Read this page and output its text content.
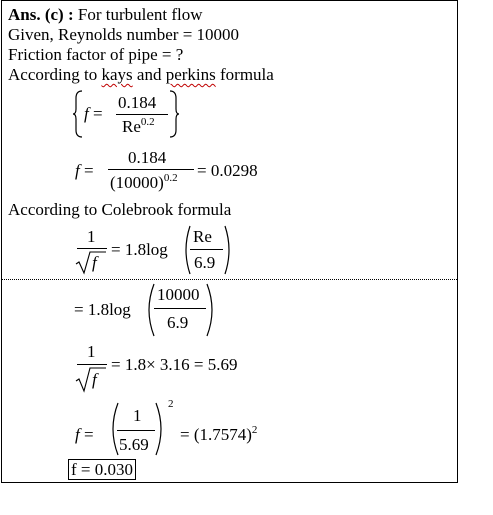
Ans. (c) : For turbulent flow
Given, Reynolds number = 10000
Friction factor of pipe = ?
According to kays and perkins formula
f =
0.184
$Re^{0.2}$
f =
0.184
$(10000)^{0.2} = 0.0298$
According to Colebrook formula
1
f
= 1.8log
Re
6.9
= 1.8log
10000
6.9
1
f
= 1.8× 3.16 = 5.69
f =
1
5.69
2
= $(1.7574)^2$
f = 0.030
